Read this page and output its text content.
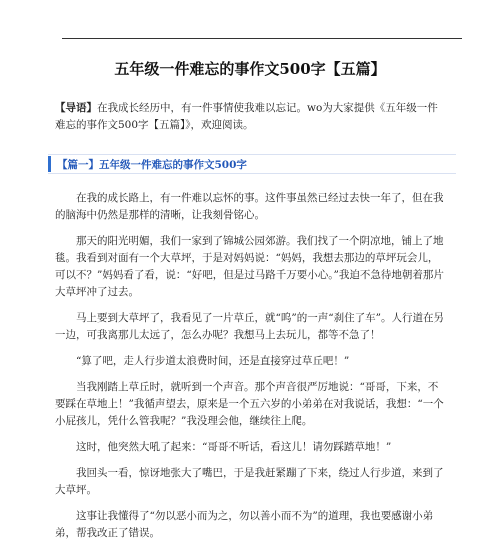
五年级一件难忘的事作文500字【五篇】

【导语】在我成长经历中，有一件事情使我难以忘记。wo为大家提供《五年级一件难忘的事作文500字【五篇】》，欢迎阅读。

【篇一】五年级一件难忘的事作文500字

在我的成长路上，有一件难以忘怀的事。这件事虽然已经过去快一年了，但在我的脑海中仍然是那样的清晰，让我刻骨铭心。

那天的阳光明媚，我们一家到了锦城公园郊游。我们找了一个阴凉地，铺上了地毯。我看到对面有一个大草坪，于是对妈妈说：“妈妈，我想去那边的草坪玩会儿，可以不？”妈妈看了看，说：“好吧，但是过马路千万要小心。”我迫不急待地朝着那片大草坪冲了过去。

马上要到大草坪了，我看见了一片草丘，就“呜”的一声“刹住了车”。人行道在另一边，可我离那儿太远了，怎么办呢？我想马上去玩儿，都等不急了！

“算了吧，走人行步道太浪费时间，还是直接穿过草丘吧！”

当我刚踏上草丘时，就听到一个声音。那个声音很严厉地说：“哥哥，下来，不要踩在草地上！”我循声望去，原来是一个五六岁的小弟弟在对我说话，我想：“一个小屁孩儿，凭什么管我呢？”我没理会他，继续往上爬。

这时，他突然大吼了起来：“哥哥不听话，看这儿！请勿踩踏草地！”

我回头一看，惊讶地张大了嘴巴，于是我赶紧蹦了下来，绕过人行步道，来到了大草坪。

这事让我懂得了“勿以恶小而为之，勿以善小而不为”的道理，我也要感谢小弟弟，帮我改正了错误。
